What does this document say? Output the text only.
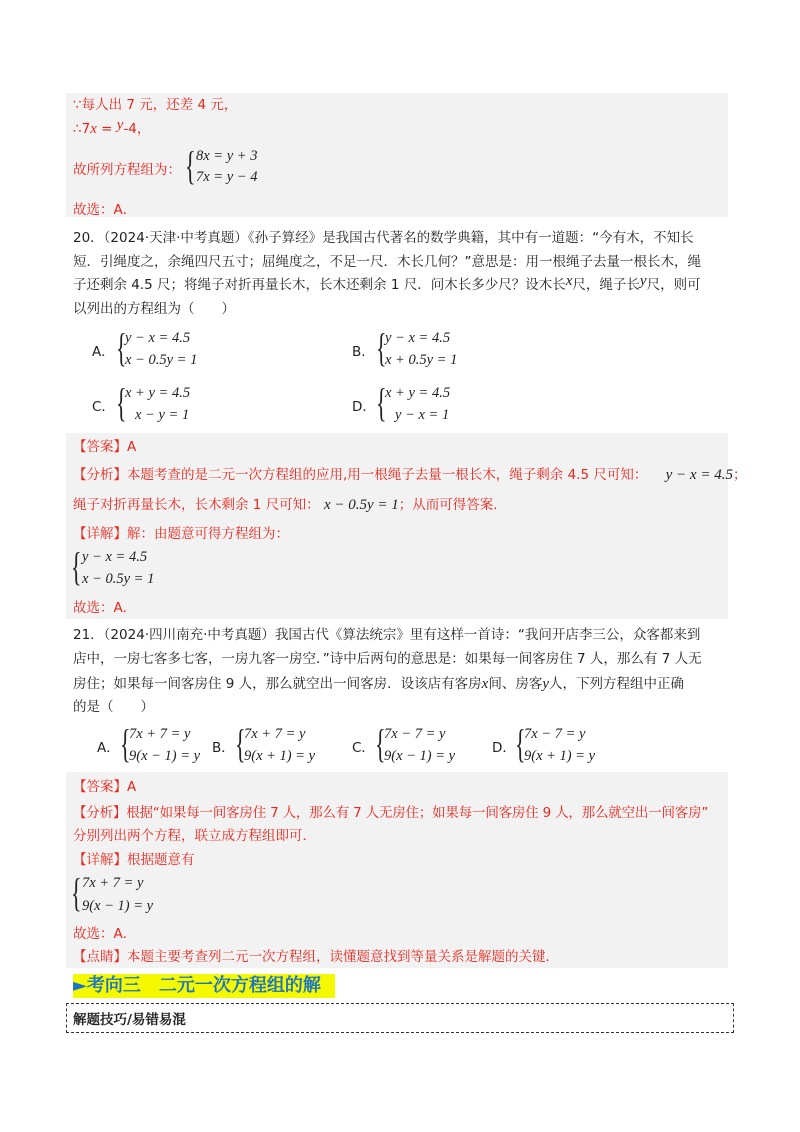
∵每人出 7 元，还差 4 元，
∴7x = y-4，
故所列方程组为： { 8x = y + 3
7x = y − 4
故选：A．
20．（2024·天津·中考真题）《孙子算经》是我国古代著名的数学典籍，其中有一道题：“今有木，不知长
短．引绳度之，余绳四尺五寸；屈绳度之，不足一尺．木长几何？”意思是：用一根绳子去量一根长木，绳
子还剩余 4.5 尺；将绳子对折再量长木，长木还剩余 1 尺．问木长多少尺？设木长x尺，绳子长y尺，则可
以列出的方程组为（　　）
A． {
y − x = 4.5
x − 0.5y = 1	B． {
y − x = 4.5
x + 0.5y = 1
C． {
x + y = 4.5
x − y = 1	D． {
x + y = 4.5
y − x = 1
【答案】A
【分析】本题考查的是二元一次方程组的应用,用一根绳子去量一根长木，绳子剩余 4.5 尺可知： y − x = 4.5；
绳子对折再量长木，长木剩余 1 尺可知： x − 0.5y = 1；从而可得答案.
【详解】解：由题意可得方程组为：
{ y − x = 4.5
x − 0.5y = 1
故选：A.
21．（2024·四川南充·中考真题）我国古代《算法统宗》里有这样一首诗：“我问开店李三公，众客都来到
店中，一房七客多七客，一房九客一房空．”诗中后两句的意思是：如果每一间客房住 7 人，那么有 7 人无
房住；如果每一间客房住 9 人，那么就空出一间客房．设该店有客房x间、房客y人，下列方程组中正确
的是（　　）
A． {
7x + 7 = y
9(x − 1) = y B． {
7x + 7 = y
9(x + 1) = y	C． {
7x − 7 = y
9(x − 1) = y	D． {
7x − 7 = y
9(x + 1) = y
【答案】A
【分析】根据“如果每一间客房住 7 人，那么有 7 人无房住；如果每一间客房住 9 人，那么就空出一间客房”
分别列出两个方程，联立成方程组即可．
【详解】根据题意有
{ 7x + 7 = y
9(x − 1) = y
故选：A．
【点睛】本题主要考查列二元一次方程组，读懂题意找到等量关系是解题的关键．
►考向三　二元一次方程组的解
解题技巧/易错易混
